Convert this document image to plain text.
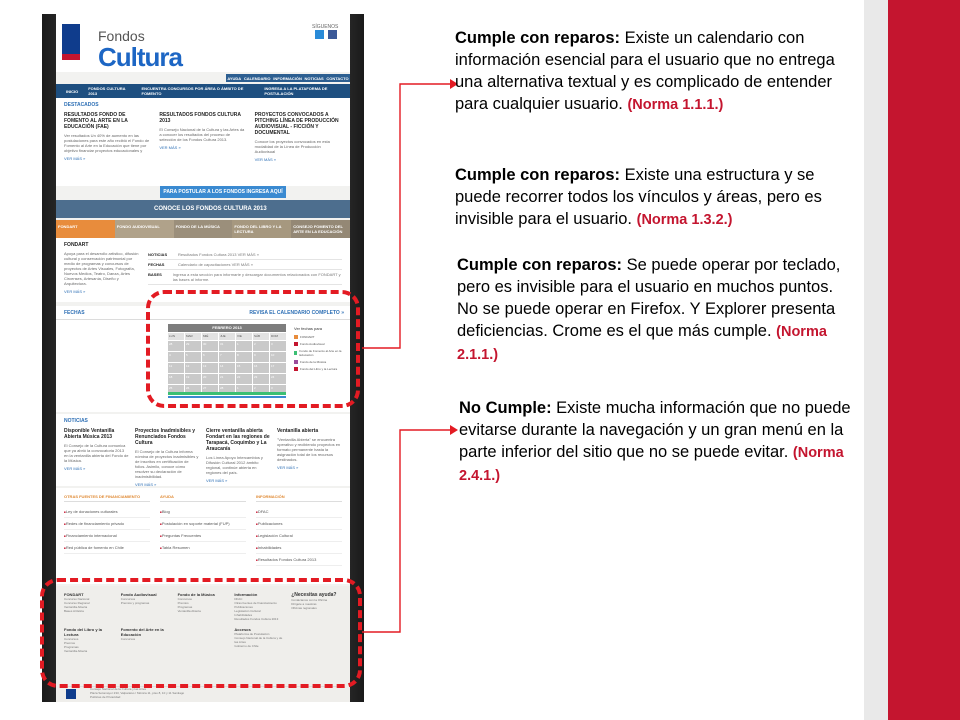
Fondos
Cultura
SÍGUENOS
AYUDA CALENDARIO INFORMACIÓN NOTICIAS CONTACTO
INICIO	FONDOS CULTURA 2013
ENCUENTRA CONCURSOS POR ÁREA O ÁMBITO DE FOMENTO
INGRESA A LA PLATAFORMA DE POSTULACIÓN
DESTACADOS
RESULTADOS FONDO DE FOMENTO AL ARTE EN LA EDUCACIÓN (FAE)
Ver resultados Un 40% de aumento en las postulaciones para este año recibió el Fondo de Fomento al Arte en la Educación que tiene por objetivo financiar proyectos educacionales y
VER MÁS »
RESULTADOS FONDOS CULTURA 2013
El Consejo Nacional de la Cultura y las Artes da a conocer los resultados del proceso de selección de los Fondos Cultura 2013.
VER MÁS »
PROYECTOS CONVOCADOS A PITCHING LÍNEA DE PRODUCCIÓN AUDIOVISUAL - FICCIÓN Y DOCUMENTAL
Conoce los proyectos convocados en esta modalidad de la Línea de Producción Audiovisual
VER MÁS »
PARA POSTULAR A LOS FONDOS INGRESA AQUÍ
CONOCE LOS FONDOS CULTURA 2013
FONDART	FONDO AUDIOVISUAL	FONDO DE LA MÚSICA	FONDO DEL LIBRO Y LA LECTURA
CONSEJO FOMENTO DEL ARTE EN LA EDUCACIÓN
FONDART
Apoya para el desarrollo artístico, difusión cultural y conservación patrimonial por medio de programas y concursos de proyectos de Artes Visuales, Fotografía, Nuevos Medios, Teatro, Danza, Artes Circenses, Artesanía, Diseño y Arquitectura.
VER MÁS »
NOTICIAS	Resultados Fondos Cultura 2013 VER MÁS »
FECHAS	Calendario de capacitaciones VER MÁS »
BASES	Ingresa a esta sección para informarte y descargar documentos relacionados con FONDART y las bases al informe.
FECHAS	REVISA EL CALENDARIO COMPLETO »
FEBRERO 2013
LUN	MAR	MIÉ	JUE	VIE	SÁB	DOM
28	29	30	31	1	2	3
4	5	6	7	8	9	10
11	12	13	14	15	16	17
18	19	20	21	22	23	24
25	26	27	28	1	2	3
Ver fechas para
FONDART
Fondo Audiovisual
Fondo de Fomento al Arte en la Educación
Fondo de la Música
Fondo del Libro y la Lectura
NOTICIAS
Disponible Ventanilla Abierta Música 2013
El Consejo de la Cultura comunica que ya abrió la convocatoria 2013 en la ventanilla abierta del Fondo de la Música.
VER MÁS »
Proyectos Inadmisibles y Renunciados Fondos Cultura
El Consejo de la Cultura informa nómina de proyectos inadmisibles y de inscritos en certificación de folios. Asimilo, conoce cómo resolver su declaración de inadmisibilidad.
VER MÁS »
Cierre ventanilla abierta Fondart en las regiones de Tarapacá, Coquimbo y La Araucanía
Los Línea Apoyo Intercambios y Difusión Cultural 2012 ámbito regional, continúe abierta en regiones del país.
VER MÁS »
Ventanilla abierta
"Ventanilla Abierta" se encuentra operativo y recibiendo proyectos en formato permanente hasta la asignación total de los recursos destinados.
VER MÁS »
OTRAS FUENTES DE FINANCIAMIENTO
■ Ley de donaciones culturales
■ Redes de financiamiento privado
■ Financiamiento internacional
■ Red pública de fomento en Chile
AYUDA
■ Blog
■ Postulación en soporte material (FUP)
■ Preguntas Frecuentes
■ Tabla Resumen
INFORMACIÓN
■ DFAC
■ Publicaciones
■ Legislación Cultural
■ Inhabilidades
■ Resultados Fondos Cultura 2013
FONDART
Concurso Nacional
Concurso Regional
Ventanilla Abierta
Bases Artística
Fondo Audiovisual
Concursos
Premios y programas
Fondo de la Música
Concursos
Premios
Programas
Ventanilla Abierta
Información
DFAC
Otras fuentes de financiamiento
Publicaciones
Legislación Cultural
Inhabilidades
Resultados Fondos Cultura 2013
¿Necesitas ayuda?
Contáctanos con la Oficina
Dirígete a nuestras
Oficinas regionales
Fondo del Libro y la Lectura
Concursos
Premios
Programas
Ventanilla Abierta
Fomento del Arte en la Educación
Concursos
Accesos
Plataforma de Postulación
Consejo Nacional de la Cultura y de las Artes
Gobierno de Chile
Consejo Nacional de la Cultura y las Artes
Plaza Sotomayor 233, Valparaíso / Mónica 11, piso 8, 10 y 11 Santiago
Políticas de Privacidad
Cumple con reparos: Existe un calendario con información esencial para el usuario que no entrega una alternativa textual y es complicado de entender para cualquier usuario. (Norma 1.1.1.)
Cumple con reparos: Existe una estructura y se puede recorrer todos los vínculos y áreas, pero es invisible para el usuario. (Norma 1.3.2.)
Cumple con reparos: Se puede operar por teclado, pero es invisible para el usuario en muchos puntos. No se puede operar en Firefox. Y Explorer presenta deficiencias. Crome es el que más cumple. (Norma 2.1.1.)
No Cumple: Existe mucha información que no puede evitarse durante la navegación y un gran menú en la parte inferior del sitio que no se puede evitar. (Norma 2.4.1.)
